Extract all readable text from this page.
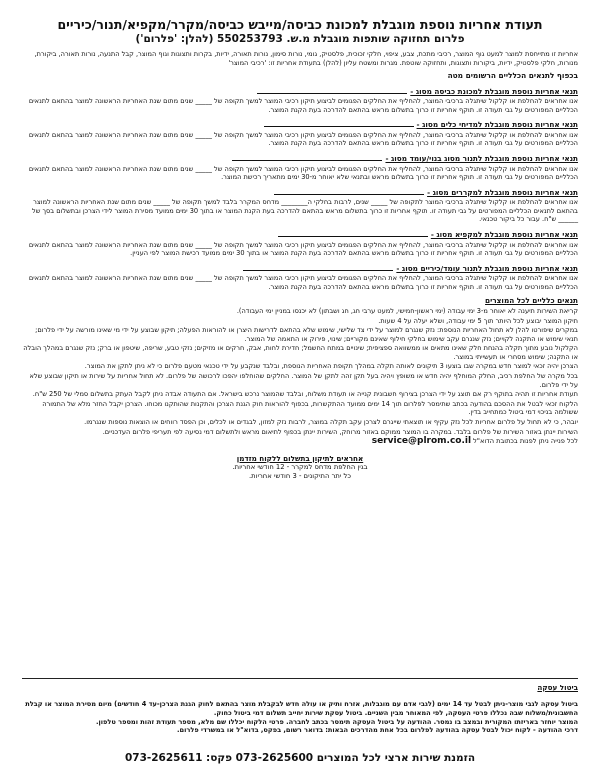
תעודת אחריות נוספת מוגבלת למכונת כביסה/מייבש כביסה/מקרר/מקפיא/תנור/כיריים
פלרום תחזוקה שותפות מוגבלת מ.ש. 550253793 (להלן: 'פלרום')

אחריות זו מתייחסת למוצר למעט גוף המוצר, רכיבי מתכת, צבע, ציפוי, חלקי זכוכית, פלסטיק, גומי, נורות סימון, נורות תאורה, ידיות, בקרות ותצוגות וגוף המוצר, קבל התנעה, נורות תאורה, ביקורת, מנורות, חלקי פלסטיק, ידיות, ביקורות ותצוגות, ותחזוקה שוטפת. מגרות ומשטח עליון (להלן) בתעודת אחריות זו: 'רכיבי המוצר'

בכפוף לתנאים הכלליים הרשומים מטה
תנאי אחריות נוספת מוגבלת למכונת כביסה מסוג -

אנו אחראים להחלפת או קלקול שיתגלה ברכיבי המוצר, להחליף את החלקים הפגומים לביצוע תיקון רכיבי המוצר למשך תקופה של _____ שנים מתום שנת האחריות הראשונה למוצר בהתאם לתנאים הכלליים המפורטים על גבי תעודה זו. תוקף אחריות זו כרוך בתשלום מראש בהתאם להדרכה בעת הקנת המוצר.

תנאי אחריות נוספת מוגבלת למדיחי כלים מסוג -

אנו אחראים להחלפת או קלקול שיתגלה ברכיבי המוצר, להחליף את החלקים הפגומים לביצוע תיקון רכיבי המוצר למשך תקופה של _____ שנים מתום שנת האחריות הראשונה למוצר בהתאם לתנאים הכלליים המפורטים על גבי תעודה זו. תוקף אחריות זו כרוך בתשלום מראש בהתאם להדרכה בעת הקנת המוצר.

תנאי אחריות נוספת מוגבלת לתנור מסוג בנוי/עומד מסוג -

אנו אחראים להחלפת או קלקול שיתגלה ברכיבי המוצר, להחליף את החלקים הפגומים לביצוע תיקון רכיבי המוצר למשך תקופה של _____ שנים מתום שנת האחריות הראשונה למוצר בהתאם לתנאים הכלליים המפורטים על גבי תעודה זו. תוקף אחריות זו כרוך בתשלום מראש ובתנאי שלא יאוחר מ-30 ימים מתאריך רכישת המוצר.

תנאי אחריות נוספת מוגבלת למקררים מסוג -

אנו אחראים להחלפת או קלקול שיתגלה ברכיבי המוצר לתקופה של _____ שנים, לרבות בחלקי ה________ מדחס המקרר בלבד למשך תקופה של _____ שנים מתום שנת האחריות הראשונה למוצר בהתאם לתנאים הכלליים המפורטים על גבי תעודה זו. תוקף אחריות זו כרוך בתשלום מראש בהתאם להדרכה בעת הקנת המוצר או בתוך 30 ימים ממועד מסירת המוצר לידי הצרכן ובתשלום בסך של ______ ש"ח. עבור כל ביקור טכנאי.

תנאי אחריות נוספת מוגבלת למקפיא מסוג -

אנו אחראים להחלפת או קלקול שיתגלה ברכיבי המוצר, להחליף את החלקים הפגומים לביצוע תיקון רכיבי המוצר למשך תקופה של _____ שנים מתום שנת האחריות הראשונה למוצר בהתאם לתנאים הכלליים המפורטים על גבי תעודה זו. תוקף אחריות זו כרוך בתשלום מראש בהתאם להדרכה בעת הקנת המוצר או בתוך 30 ימים ממועד רכישת המוצר לפי העניין.

תנאי אחריות נוספת מוגבלת לתנור עומד/כיריים מסוג -

אנו אחראים להחלפת או קלקול שיתגלה ברכיבי המוצר, להחליף את החלקים הפגומים לביצוע תיקון רכיבי המוצר למשך תקופה של _____ שנים מתום שנת האחריות הראשונה למוצר בהתאם לתנאים הכלליים המפורטים על גבי תעודה זו. תוקף אחריות זו כרוך בתשלום מראש בהתאם להדרכה בעת הקנת המוצר.

תנאים כלליים לכל המוצרים

קריאת השירות תיענה לא יאוחר מ-3 ימי עבודה (ימי ראשון-חמישי, למעט ערבי חג, חג ושבתון) לא יכנסו במניין ימי העבודה).

תיקון המוצר יבוצע לכל היותר תוך 5 ימי עבודה, ושלא יעלה על 4 שעות.

במקרים שיפורטו להלן לא תחול האחריות הנוספת: נזק שנגרם למוצר על ידי צד שלישי, שימוש שלא בהתאם לדרישות היצרן או להוראות הפעלה; תיקון שבוצע על ידי מי שאינו מורשה על ידי פלרום; תנאי שימוש או התקנה לקויים; נזק שנגרם עקב שימוש בחלקי חילוף שאינם מקוריים; שינוי, פירוק או התאמה של המוצר.

הקלקול נובע מתוך תקלה בהנחת חלק שאינו מתאים או ממשוואה ספציפית; שינויים במתח החשמל; חדירת לחות, אבק, חרקים או מזיקים; נזקי טבע, שריפה, שיטפון או ברק; נזק שנגרם במהלך הובלה או התקנה; שימוש מסחרי או תעשייתי במוצר.

הצרכן יהיה זכאי למוצר חדש במקרה שבו בוצעו 3 תיקונים לאותה תקלה במהלך תקופת האחריות הנוספת, ובלבד שנקבע על ידי טכנאי מטעם פלרום כי לא ניתן לתקן את המוצר.

בכל מקרה של החלפת רכיב, החלק המוחלף יהיה חדש או משופץ ויהיה בעל תקן זהה לתקן של המוצר. החלקים שהוחלפו יהפכו לרכושה של פלרום. לא תחול אחריות על שירות או תיקון שבוצע שלא על ידי פלרום.

תעודת אחריות זו תהיה בתוקף רק אם תוצג על ידי הצרכן בצירוף חשבונית קנייה או תעודת משלוח, ובלבד שהמוצר נרכש בישראל. אם התעודה אבדה ניתן לקבל העתק בתשלום סמלי של 250 ש"ח.

הלקוח זכאי לבטל את ההסכם בהודעה בכתב שתימסר לפלרום תוך 14 ימים ממועד ההתקשרות, בכפוף להוראות חוק הגנת הצרכן והתקנות שהותקנו מכוחו. הצרכן יקבל החזר מלא של התמורה ששולמה בניכוי דמי ביטול כמתחייב בדין.

יובהר, כי לא תחול על פלרום אחריות לכל נזק עקיף או תוצאתי שייגרם לצרכן עקב תקלה במוצר, לרבות נזק למזון, לבגדים או לכלים, וכן הפסד רווחים או הוצאות נוספות שנגרמו.

השירות יינתן באזור השירות של פלרום בלבד. במקרה בו המוצר ממוקם באזור מרוחק, השירות יינתן בכפוף לתיאום מראש ולתשלום דמי נסיעה לפי תעריפי פלרום העדכניים.

לכל פנייה ניתן לפנות בכתובת הדוא"ל service@plrom.co.il

אחראים לתיקון בתשלום ללקוח מזדמן
בגין החלפת מדחס למקרר - 12 חודשי אחריות.
כל יתר התיקונים - 3 חודשי אחריות.
ביטול עסקה
ביטול עסקה לגבי מוצר-ניתן לבטל עד 14 ימים (לגבי אדם עם מוגבלות, אזרח ותיק או עולה חדש לבקבלת מוצר בהתאם לחוק הגנת הצרכן-עד 4 חודשים) מיום מסירת המוצר או קבלת החשבונית/משלוח שבה נכללו פרטי העסקה, לפי המאוחר מבין השניים. ביטול עסקת שירות יחייב תשלום דמי ביטול כחוק.
המוצר יוחזר באריזתו המקורית ובמצב בו נמסר. ההודעה על ביטול העסקה תימסר בכתב לחברה. פרטי הלקוח יכללו שם מלא, מספר תעודת זהות ומספר טלפון.
דרכי ההודעה - לקוח יכול לבטל עסקה בהודעה לפלרום בכל אחת מהדרכים הבאות: בדואר רשום, בפקס, בדוא"ל או במשרדי פלרום.
הזמנת שירות ארצי לכל המוצרים 073-2625600 פקס: 073-2625611
